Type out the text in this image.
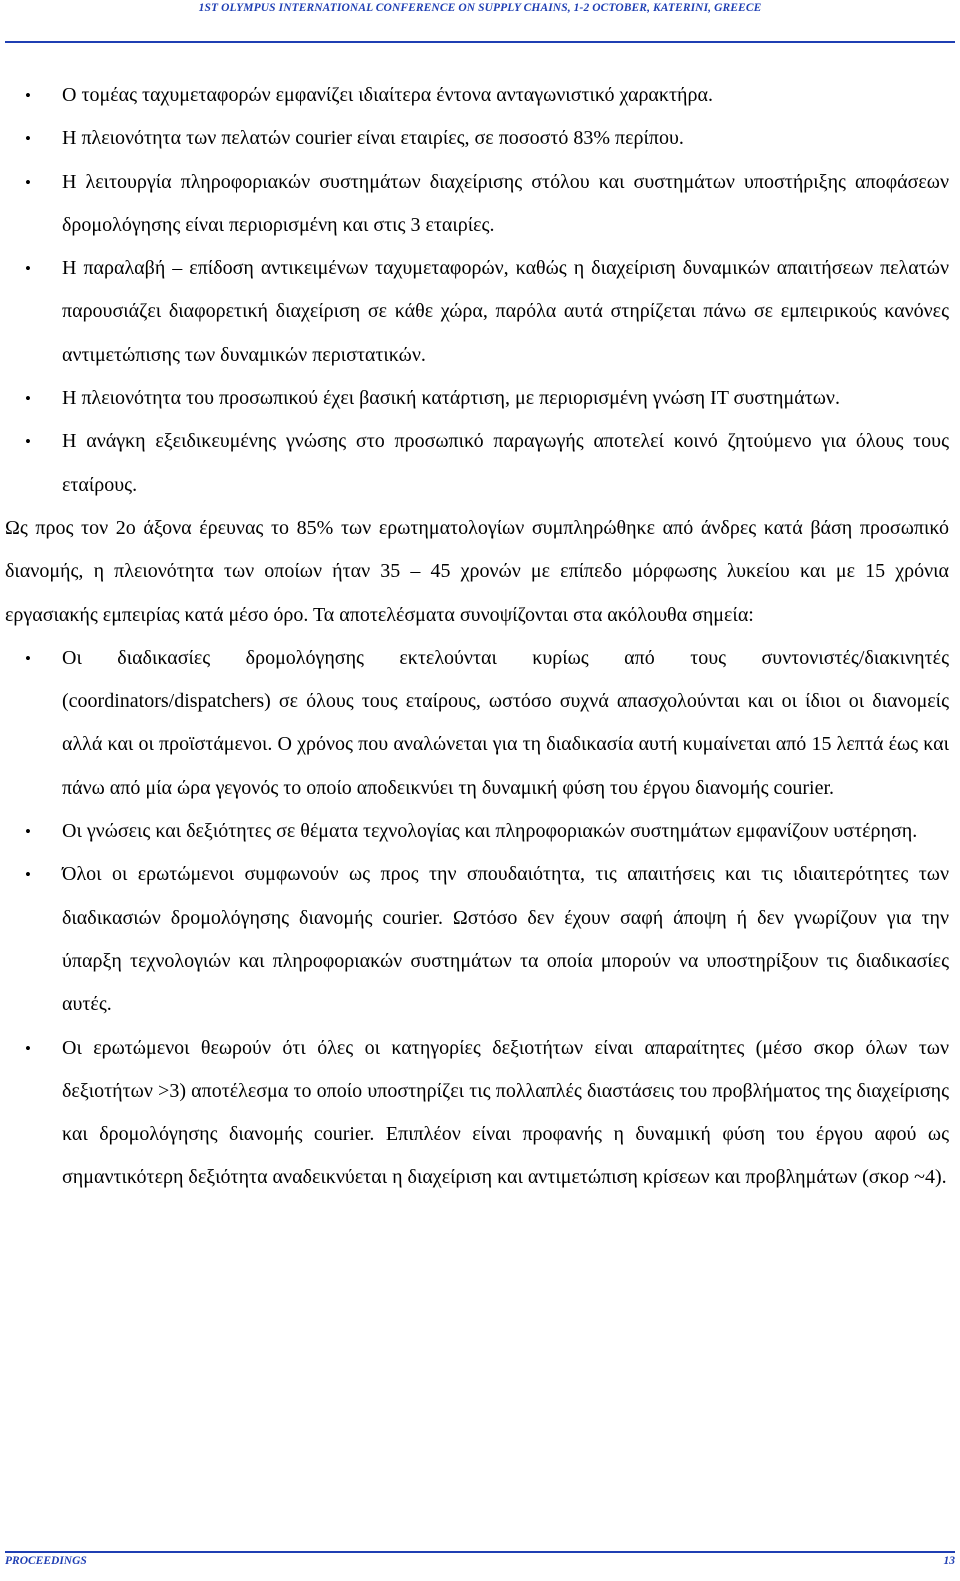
1ST OLYMPUS INTERNATIONAL CONFERENCE ON SUPPLY CHAINS, 1-2 OCTOBER, KATERINI, GREECE
• Ο τομέας ταχυμεταφορών εμφανίζει ιδιαίτερα έντονα ανταγωνιστικό χαρακτήρα.
• Η πλειονότητα των πελατών courier είναι εταιρίες, σε ποσοστό 83% περίπου.
• Η λειτουργία πληροφοριακών συστημάτων διαχείρισης στόλου και συστημάτων υποστήριξης αποφάσεων δρομολόγησης είναι περιορισμένη και στις 3 εταιρίες.
• Η παραλαβή – επίδοση αντικειμένων ταχυμεταφορών, καθώς η διαχείριση δυναμικών απαιτήσεων πελατών παρουσιάζει διαφορετική διαχείριση σε κάθε χώρα, παρόλα αυτά στηρίζεται πάνω σε εμπειρικούς κανόνες αντιμετώπισης των δυναμικών περιστατικών.
• Η πλειονότητα του προσωπικού έχει βασική κατάρτιση, με περιορισμένη γνώση IT συστημάτων.
• Η ανάγκη εξειδικευμένης γνώσης στο προσωπικό παραγωγής αποτελεί κοινό ζητούμενο για όλους τους εταίρους.

Ως προς τον 2ο άξονα έρευνας το 85% των ερωτηματολογίων συμπληρώθηκε από άνδρες κατά βάση προσωπικό διανομής, η πλειονότητα των οποίων ήταν 35 – 45 χρονών με επίπεδο μόρφωσης λυκείου και με 15 χρόνια εργασιακής εμπειρίας κατά μέσο όρο. Τα αποτελέσματα συνοψίζονται στα ακόλουθα σημεία:

• Οι διαδικασίες δρομολόγησης εκτελούνται κυρίως από τους συντονιστές/διακινητές (coordinators/dispatchers) σε όλους τους εταίρους, ωστόσο συχνά απασχολούνται και οι ίδιοι οι διανομείς αλλά και οι προϊστάμενοι. Ο χρόνος που αναλώνεται για τη διαδικασία αυτή κυμαίνεται από 15 λεπτά έως και πάνω από μία ώρα γεγονός το οποίο αποδεικνύει τη δυναμική φύση του έργου διανομής courier.
• Οι γνώσεις και δεξιότητες σε θέματα τεχνολογίας και πληροφοριακών συστημάτων εμφανίζουν υστέρηση.
• Όλοι οι ερωτώμενοι συμφωνούν ως προς την σπουδαιότητα, τις απαιτήσεις και τις ιδιαιτερότητες των διαδικασιών δρομολόγησης διανομής courier. Ωστόσο δεν έχουν σαφή άποψη ή δεν γνωρίζουν για την ύπαρξη τεχνολογιών και πληροφοριακών συστημάτων τα οποία μπορούν να υποστηρίξουν τις διαδικασίες αυτές.
• Οι ερωτώμενοι θεωρούν ότι όλες οι κατηγορίες δεξιοτήτων είναι απαραίτητες (μέσο σκορ όλων των δεξιοτήτων >3) αποτέλεσμα το οποίο υποστηρίζει τις πολλαπλές διαστάσεις του προβλήματος της διαχείρισης και δρομολόγησης διανομής courier. Επιπλέον είναι προφανής η δυναμική φύση του έργου αφού ως σημαντικότερη δεξιότητα αναδεικνύεται η διαχείριση και αντιμετώπιση κρίσεων και προβλημάτων (σκορ ~4).
PROCEEDINGS	13
